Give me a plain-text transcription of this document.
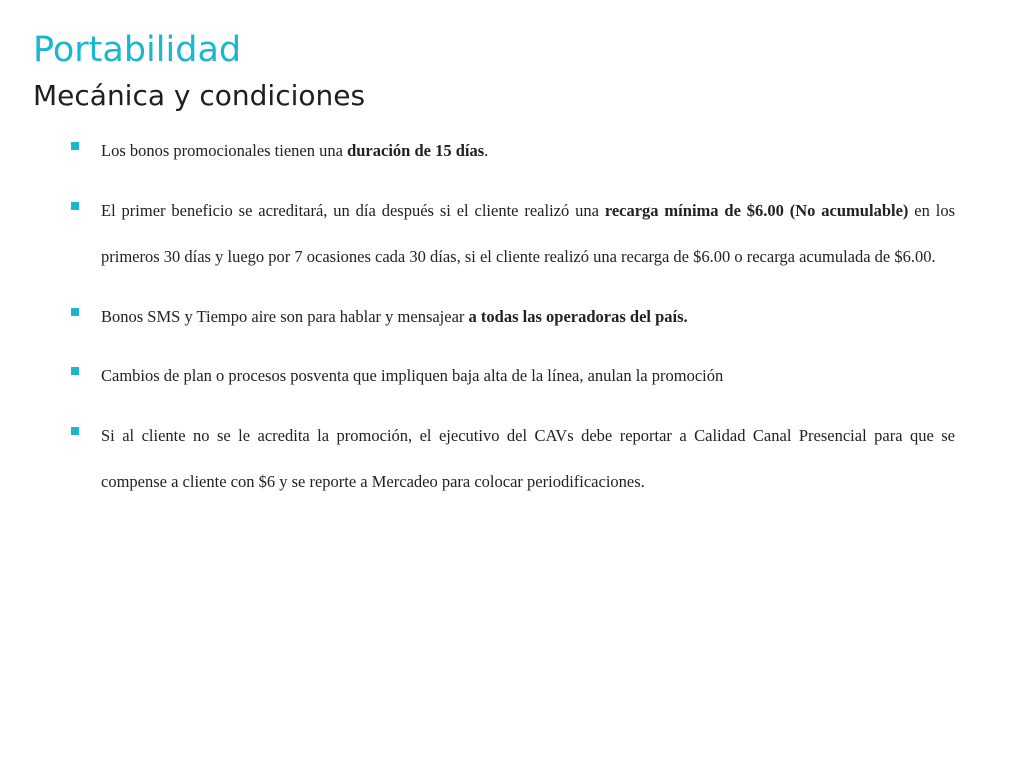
Portabilidad
Mecánica y condiciones
Los bonos promocionales tienen una duración de 15 días.
El primer beneficio se acreditará, un día después si el cliente realizó una recarga mínima de $6.00 (No acumulable) en los primeros 30 días y luego por 7 ocasiones cada 30 días, si el cliente realizó una recarga de $6.00 o recarga acumulada de $6.00.
Bonos SMS y Tiempo aire son para hablar y mensajear a todas las operadoras del país.
Cambios de plan o procesos posventa que impliquen baja alta de la línea, anulan la promoción
Si al cliente no se le acredita la promoción, el ejecutivo del CAVs debe reportar a Calidad Canal Presencial para que se compense a cliente con $6 y se reporte a Mercadeo para colocar periodificaciones.
